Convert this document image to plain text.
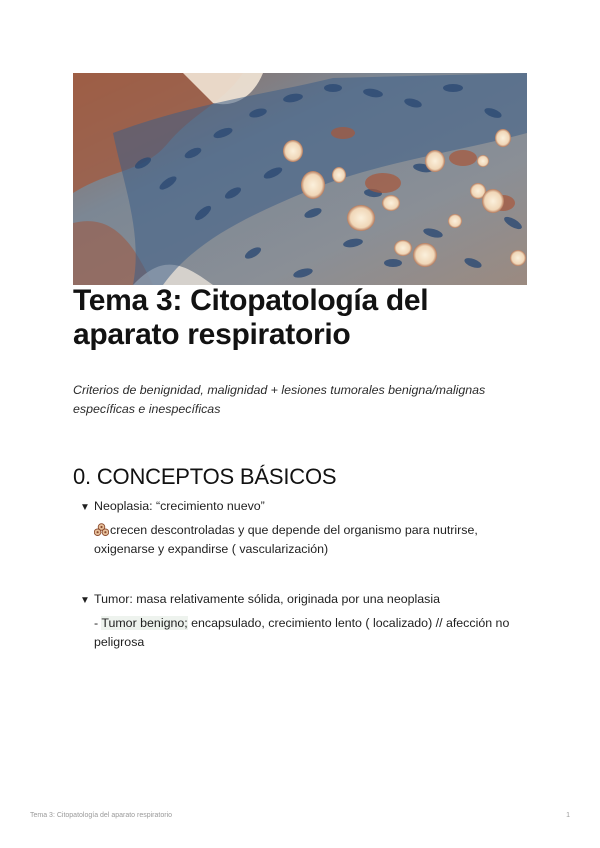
Tema 3: Citopatología del aparato respiratorio

Criterios de benignidad, malignidad + lesiones tumorales benigna/malignas específicas e inespecíficas

0. CONCEPTOS BÁSICOS
▼ Neoplasia: “crecimiento nuevo”
crecen descontroladas y que depende del organismo para nutrirse, oxigenarse y expandirse ( vascularización)
▼ Tumor: masa relativamente sólida, originada por una neoplasia
- Tumor benigno; encapsulado, crecimiento lento ( localizado) // afección no peligrosa
Tema 3: Citopatología del aparato respiratorio	1
